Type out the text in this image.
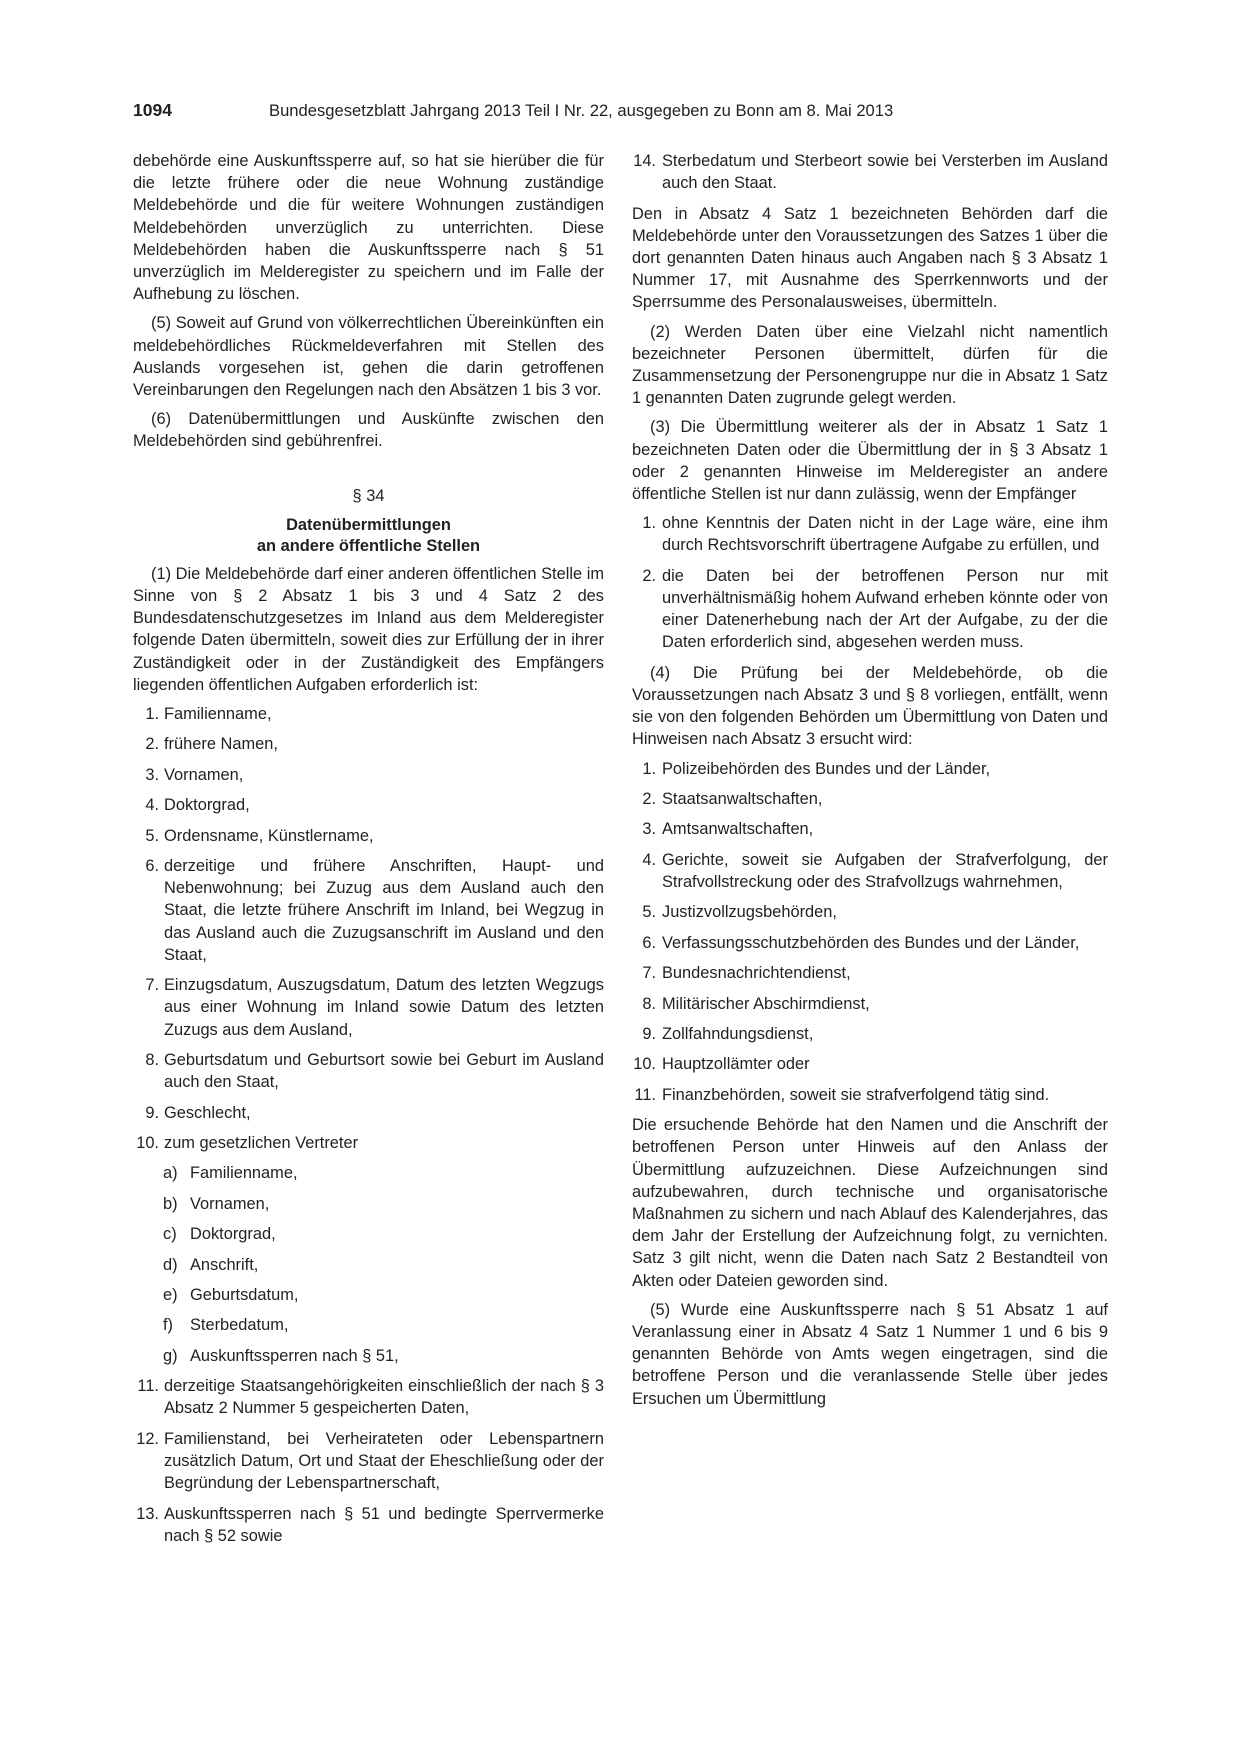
1094	Bundesgesetzblatt Jahrgang 2013 Teil I Nr. 22, ausgegeben zu Bonn am 8. Mai 2013

debehörde eine Auskunftssperre auf, so hat sie hierüber die für die letzte frühere oder die neue Wohnung zuständige Meldebehörde und die für weitere Wohnungen zuständigen Meldebehörden unverzüglich zu unterrichten. Diese Meldebehörden haben die Auskunftssperre nach § 51 unverzüglich im Melderegister zu speichern und im Falle der Aufhebung zu löschen.

(5) Soweit auf Grund von völkerrechtlichen Übereinkünften ein meldebehördliches Rückmeldeverfahren mit Stellen des Auslands vorgesehen ist, gehen die darin getroffenen Vereinbarungen den Regelungen nach den Absätzen 1 bis 3 vor.

(6) Datenübermittlungen und Auskünfte zwischen den Meldebehörden sind gebührenfrei.

§ 34
Datenübermittlungen
an andere öffentliche Stellen

(1) Die Meldebehörde darf einer anderen öffentlichen Stelle im Sinne von § 2 Absatz 1 bis 3 und 4 Satz 2 des Bundesdatenschutzgesetzes im Inland aus dem Melderegister folgende Daten übermitteln, soweit dies zur Erfüllung der in ihrer Zuständigkeit oder in der Zuständigkeit des Empfängers liegenden öffentlichen Aufgaben erforderlich ist:

1. Familienname,
2. frühere Namen,
3. Vornamen,
4. Doktorgrad,
5. Ordensname, Künstlername,
6. derzeitige und frühere Anschriften, Haupt- und Nebenwohnung; bei Zuzug aus dem Ausland auch den Staat, die letzte frühere Anschrift im Inland, bei Wegzug in das Ausland auch die Zuzugsanschrift im Ausland und den Staat,
7. Einzugsdatum, Auszugsdatum, Datum des letzten Wegzugs aus einer Wohnung im Inland sowie Datum des letzten Zuzugs aus dem Ausland,
8. Geburtsdatum und Geburtsort sowie bei Geburt im Ausland auch den Staat,
9. Geschlecht,
10. zum gesetzlichen Vertreter
a) Familienname,
b) Vornamen,
c) Doktorgrad,
d) Anschrift,
e) Geburtsdatum,
f)	Sterbedatum,
g) Auskunftssperren nach § 51,
11. derzeitige Staatsangehörigkeiten einschließlich der nach § 3 Absatz 2 Nummer 5 gespeicherten Daten,
12. Familienstand, bei Verheirateten oder Lebenspartnern zusätzlich Datum, Ort und Staat der Eheschließung oder der Begründung der Lebenspartnerschaft,
13. Auskunftssperren nach § 51 und bedingte Sperrvermerke nach § 52 sowie
14. Sterbedatum und Sterbeort sowie bei Versterben im Ausland auch den Staat.

Den in Absatz 4 Satz 1 bezeichneten Behörden darf die Meldebehörde unter den Voraussetzungen des Satzes 1 über die dort genannten Daten hinaus auch Angaben nach § 3 Absatz 1 Nummer 17, mit Ausnahme des Sperrkennworts und der Sperrsumme des Personalausweises, übermitteln.

(2) Werden Daten über eine Vielzahl nicht namentlich bezeichneter Personen übermittelt, dürfen für die Zusammensetzung der Personengruppe nur die in Absatz 1 Satz 1 genannten Daten zugrunde gelegt werden.

(3) Die Übermittlung weiterer als der in Absatz 1 Satz 1 bezeichneten Daten oder die Übermittlung der in § 3 Absatz 1 oder 2 genannten Hinweise im Melderegister an andere öffentliche Stellen ist nur dann zulässig, wenn der Empfänger

1. ohne Kenntnis der Daten nicht in der Lage wäre, eine ihm durch Rechtsvorschrift übertragene Aufgabe zu erfüllen, und
2. die Daten bei der betroffenen Person nur mit unverhältnismäßig hohem Aufwand erheben könnte oder von einer Datenerhebung nach der Art der Aufgabe, zu der die Daten erforderlich sind, abgesehen werden muss.

(4) Die Prüfung bei der Meldebehörde, ob die Voraussetzungen nach Absatz 3 und § 8 vorliegen, entfällt, wenn sie von den folgenden Behörden um Übermittlung von Daten und Hinweisen nach Absatz 3 ersucht wird:

1. Polizeibehörden des Bundes und der Länder,
2. Staatsanwaltschaften,
3. Amtsanwaltschaften,
4. Gerichte, soweit sie Aufgaben der Strafverfolgung, der Strafvollstreckung oder des Strafvollzugs wahrnehmen,
5. Justizvollzugsbehörden,
6. Verfassungsschutzbehörden des Bundes und der Länder,
7. Bundesnachrichtendienst,
8. Militärischer Abschirmdienst,
9. Zollfahndungsdienst,
10. Hauptzollämter oder
11. Finanzbehörden, soweit sie strafverfolgend tätig sind.

Die ersuchende Behörde hat den Namen und die Anschrift der betroffenen Person unter Hinweis auf den Anlass der Übermittlung aufzuzeichnen. Diese Aufzeichnungen sind aufzubewahren, durch technische und organisatorische Maßnahmen zu sichern und nach Ablauf des Kalenderjahres, das dem Jahr der Erstellung der Aufzeichnung folgt, zu vernichten. Satz 3 gilt nicht, wenn die Daten nach Satz 2 Bestandteil von Akten oder Dateien geworden sind.

(5) Wurde eine Auskunftssperre nach § 51 Absatz 1 auf Veranlassung einer in Absatz 4 Satz 1 Nummer 1 und 6 bis 9 genannten Behörde von Amts wegen eingetragen, sind die betroffene Person und die veranlassende Stelle über jedes Ersuchen um Übermittlung
